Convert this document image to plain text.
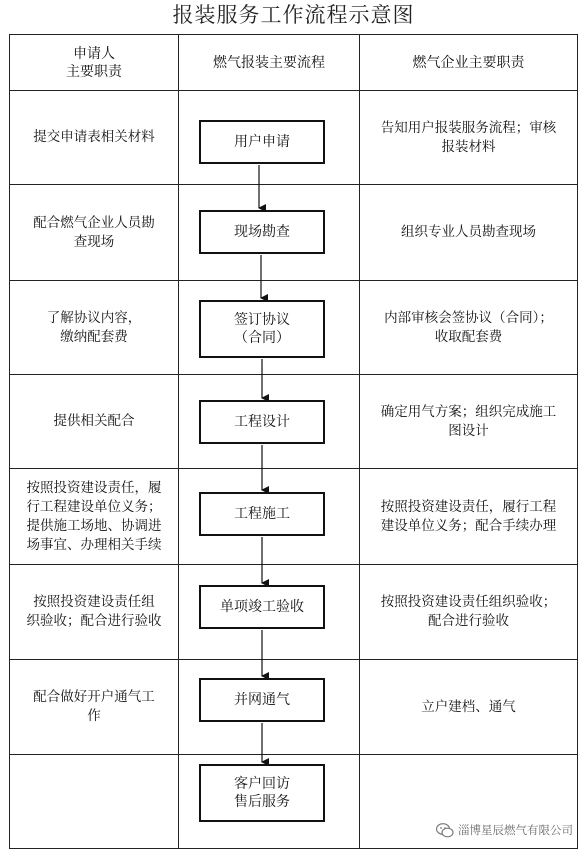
报装服务工作流程示意图
申请人
主要职责
燃气报装主要流程	燃气企业主要职责
提交申请表相关材料
告知用户报装服务流程；审核
报装材料
配合燃气企业人员勘
查现场
组织专业人员勘查现场
了解协议内容，
缴纳配套费
内部审核会签协议（合同）；
收取配套费
提供相关配合
确定用气方案；组织完成施工
图设计
按照投资建设责任，履
行工程建设单位义务；
提供施工场地、协调进
场事宜、办理相关手续
按照投资建设责任，履行工程
建设单位义务；配合手续办理
按照投资建设责任组
织验收；配合进行验收
按照投资建设责任组织验收；
配合进行验收
配合做好开户通气工
作
立户建档、通气
用户申请
现场勘查
签订协议
（合同）
工程设计
工程施工
单项竣工验收
并网通气
客户回访
售后服务
淄博星辰燃气有限公司
